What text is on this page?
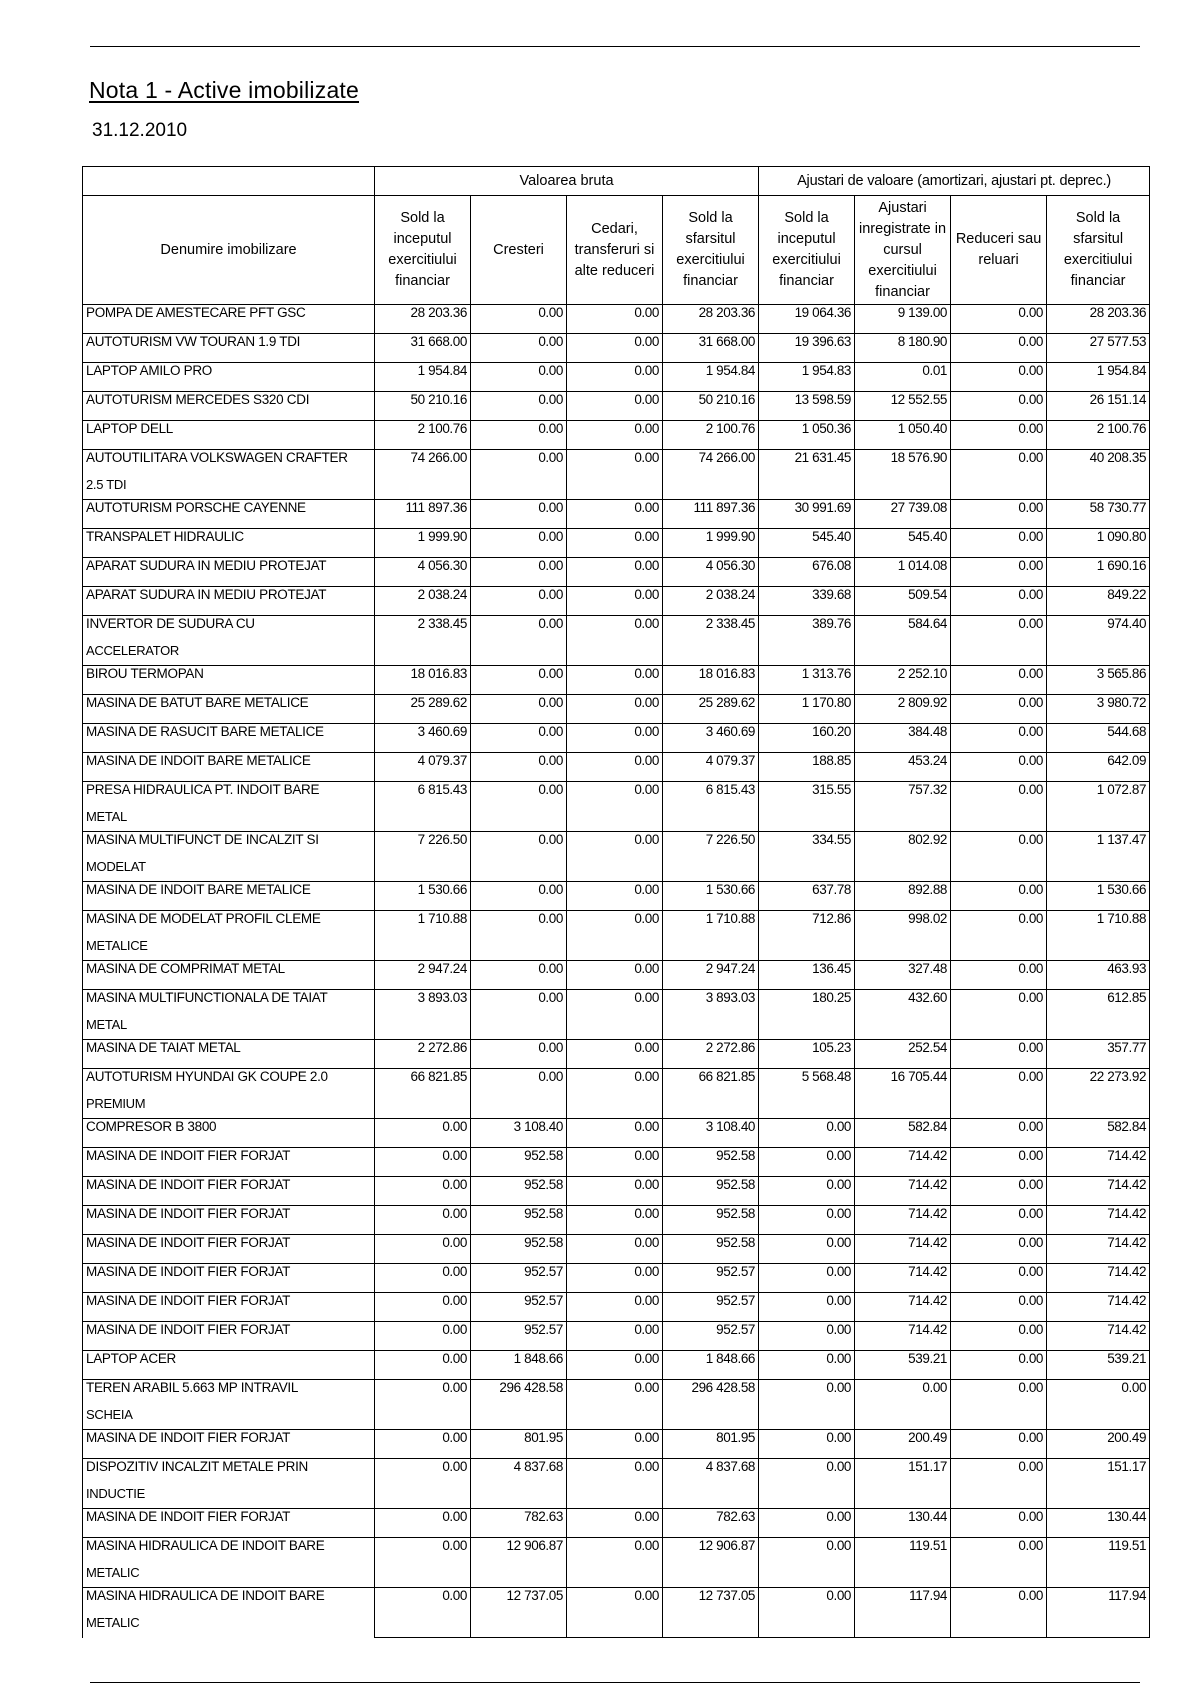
Nota 1 - Active imobilizate
31.12.2010
	Valoarea bruta				Ajustari de valoare (amortizari, ajustari pt. deprec.)			
Denumire imobilizare	Sold la inceputul exercitiului financiar	Cresteri	Cedari, transferuri si alte reduceri	Sold la sfarsitul exercitiului financiar	Sold la inceputul exercitiului financiar	Ajustari inregistrate in cursul exercitiului financiar	Reduceri sau reluari	Sold la sfarsitul exercitiului financiar
POMPA DE AMESTECARE PFT GSC	28 203.36	0.00	0.00	28 203.36	19 064.36	9 139.00	0.00	28 203.36
AUTOTURISM VW TOURAN 1.9 TDI	31 668.00	0.00	0.00	31 668.00	19 396.63	8 180.90	0.00	27 577.53
LAPTOP AMILO PRO	1 954.84	0.00	0.00	1 954.84	1 954.83	0.01	0.00	1 954.84
AUTOTURISM MERCEDES S320 CDI	50 210.16	0.00	0.00	50 210.16	13 598.59	12 552.55	0.00	26 151.14
LAPTOP DELL	2 100.76	0.00	0.00	2 100.76	1 050.36	1 050.40	0.00	2 100.76
AUTOUTILITARA VOLKSWAGEN CRAFTER
2.5 TDI	74 266.00	0.00	0.00	74 266.00	21 631.45	18 576.90	0.00	40 208.35
AUTOTURISM PORSCHE CAYENNE	111 897.36	0.00	0.00	111 897.36	30 991.69	27 739.08	0.00	58 730.77
TRANSPALET HIDRAULIC	1 999.90	0.00	0.00	1 999.90	545.40	545.40	0.00	1 090.80
APARAT SUDURA IN MEDIU PROTEJAT	4 056.30	0.00	0.00	4 056.30	676.08	1 014.08	0.00	1 690.16
APARAT SUDURA IN MEDIU PROTEJAT	2 038.24	0.00	0.00	2 038.24	339.68	509.54	0.00	849.22
INVERTOR DE SUDURA CU
ACCELERATOR	2 338.45	0.00	0.00	2 338.45	389.76	584.64	0.00	974.40
BIROU TERMOPAN	18 016.83	0.00	0.00	18 016.83	1 313.76	2 252.10	0.00	3 565.86
MASINA DE BATUT BARE METALICE	25 289.62	0.00	0.00	25 289.62	1 170.80	2 809.92	0.00	3 980.72
MASINA DE RASUCIT BARE METALICE	3 460.69	0.00	0.00	3 460.69	160.20	384.48	0.00	544.68
MASINA DE INDOIT BARE METALICE	4 079.37	0.00	0.00	4 079.37	188.85	453.24	0.00	642.09
PRESA HIDRAULICA PT. INDOIT BARE
METAL	6 815.43	0.00	0.00	6 815.43	315.55	757.32	0.00	1 072.87
MASINA MULTIFUNCT DE INCALZIT SI
MODELAT	7 226.50	0.00	0.00	7 226.50	334.55	802.92	0.00	1 137.47
MASINA DE INDOIT BARE METALICE	1 530.66	0.00	0.00	1 530.66	637.78	892.88	0.00	1 530.66
MASINA DE MODELAT PROFIL CLEME
METALICE	1 710.88	0.00	0.00	1 710.88	712.86	998.02	0.00	1 710.88
MASINA DE COMPRIMAT METAL	2 947.24	0.00	0.00	2 947.24	136.45	327.48	0.00	463.93
MASINA MULTIFUNCTIONALA DE TAIAT
METAL	3 893.03	0.00	0.00	3 893.03	180.25	432.60	0.00	612.85
MASINA DE TAIAT METAL	2 272.86	0.00	0.00	2 272.86	105.23	252.54	0.00	357.77
AUTOTURISM HYUNDAI GK COUPE 2.0
PREMIUM	66 821.85	0.00	0.00	66 821.85	5 568.48	16 705.44	0.00	22 273.92
COMPRESOR B 3800	0.00	3 108.40	0.00	3 108.40	0.00	582.84	0.00	582.84
MASINA DE INDOIT FIER FORJAT	0.00	952.58	0.00	952.58	0.00	714.42	0.00	714.42
MASINA DE INDOIT FIER FORJAT	0.00	952.58	0.00	952.58	0.00	714.42	0.00	714.42
MASINA DE INDOIT FIER FORJAT	0.00	952.58	0.00	952.58	0.00	714.42	0.00	714.42
MASINA DE INDOIT FIER FORJAT	0.00	952.58	0.00	952.58	0.00	714.42	0.00	714.42
MASINA DE INDOIT FIER FORJAT	0.00	952.57	0.00	952.57	0.00	714.42	0.00	714.42
MASINA DE INDOIT FIER FORJAT	0.00	952.57	0.00	952.57	0.00	714.42	0.00	714.42
MASINA DE INDOIT FIER FORJAT	0.00	952.57	0.00	952.57	0.00	714.42	0.00	714.42
LAPTOP ACER	0.00	1 848.66	0.00	1 848.66	0.00	539.21	0.00	539.21
TEREN ARABIL 5.663 MP INTRAVIL
SCHEIA	0.00	296 428.58	0.00	296 428.58	0.00	0.00	0.00	0.00
MASINA DE INDOIT FIER FORJAT	0.00	801.95	0.00	801.95	0.00	200.49	0.00	200.49
DISPOZITIV INCALZIT METALE PRIN
INDUCTIE	0.00	4 837.68	0.00	4 837.68	0.00	151.17	0.00	151.17
MASINA DE INDOIT FIER FORJAT	0.00	782.63	0.00	782.63	0.00	130.44	0.00	130.44
MASINA HIDRAULICA DE INDOIT BARE
METALIC	0.00	12 906.87	0.00	12 906.87	0.00	119.51	0.00	119.51
MASINA HIDRAULICA DE INDOIT BARE
METALIC	0.00	12 737.05	0.00	12 737.05	0.00	117.94	0.00	117.94
